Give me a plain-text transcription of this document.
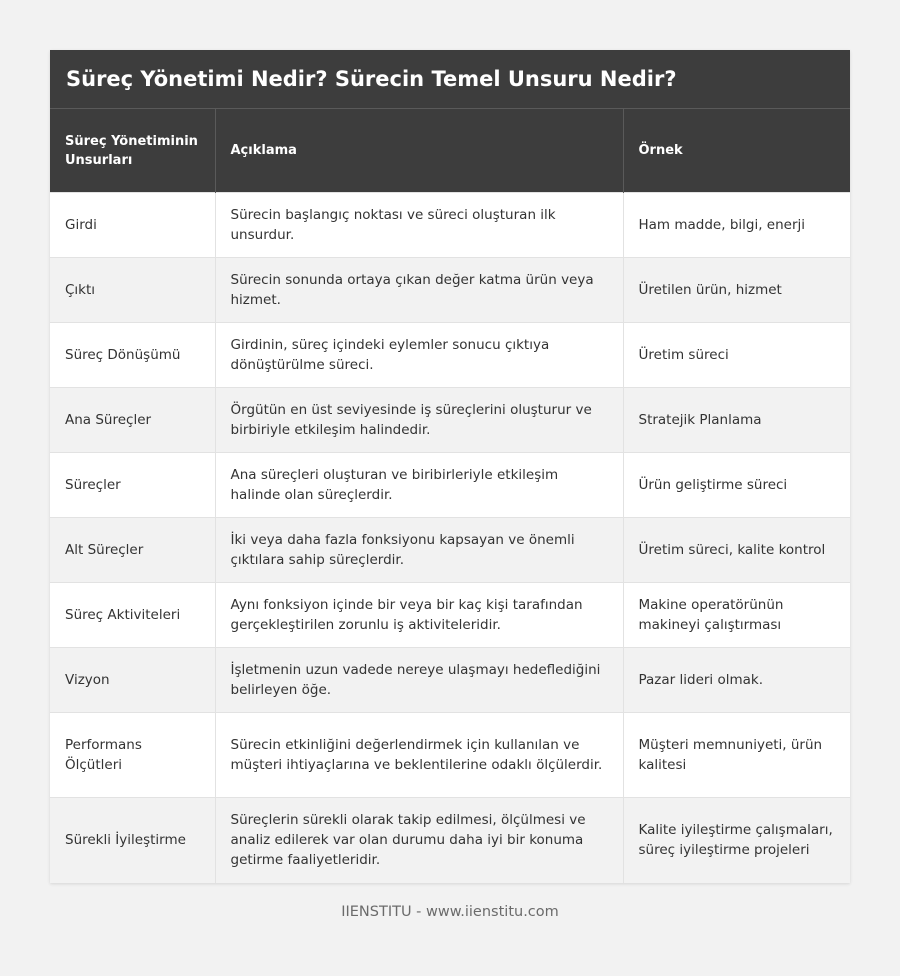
Süreç Yönetimi Nedir? Sürecin Temel Unsuru Nedir?
Süreç Yönetiminin Unsurları	Açıklama	Örnek
Girdi	Sürecin başlangıç noktası ve süreci oluşturan ilk unsurdur.	Ham madde, bilgi, enerji
Çıktı	Sürecin sonunda ortaya çıkan değer katma ürün veya hizmet.	Üretilen ürün, hizmet
Süreç Dönüşümü	Girdinin, süreç içindeki eylemler sonucu çıktıya dönüştürülme süreci.	Üretim süreci
Ana Süreçler	Örgütün en üst seviyesinde iş süreçlerini oluşturur ve birbiriyle etkileşim halindedir.	Stratejik Planlama
Süreçler	Ana süreçleri oluşturan ve biribirleriyle etkileşim halinde olan süreçlerdir.	Ürün geliştirme süreci
Alt Süreçler	İki veya daha fazla fonksiyonu kapsayan ve önemli çıktılara sahip süreçlerdir.	Üretim süreci, kalite kontrol
Süreç Aktiviteleri	Aynı fonksiyon içinde bir veya bir kaç kişi tarafından gerçekleştirilen zorunlu iş aktiviteleridir.	Makine operatörünün makineyi çalıştırması
Vizyon	İşletmenin uzun vadede nereye ulaşmayı hedeflediğini belirleyen öğe.	Pazar lideri olmak.
Performans Ölçütleri	Sürecin etkinliğini değerlendirmek için kullanılan ve müşteri ihtiyaçlarına ve beklentilerine odaklı ölçülerdir.	Müşteri memnuniyeti, ürün kalitesi
Sürekli İyileştirme	Süreçlerin sürekli olarak takip edilmesi, ölçülmesi ve analiz edilerek var olan durumu daha iyi bir konuma getirme faaliyetleridir.	Kalite iyileştirme çalışmaları, süreç iyileştirme projeleri
IIENSTITU - www.iienstitu.com
